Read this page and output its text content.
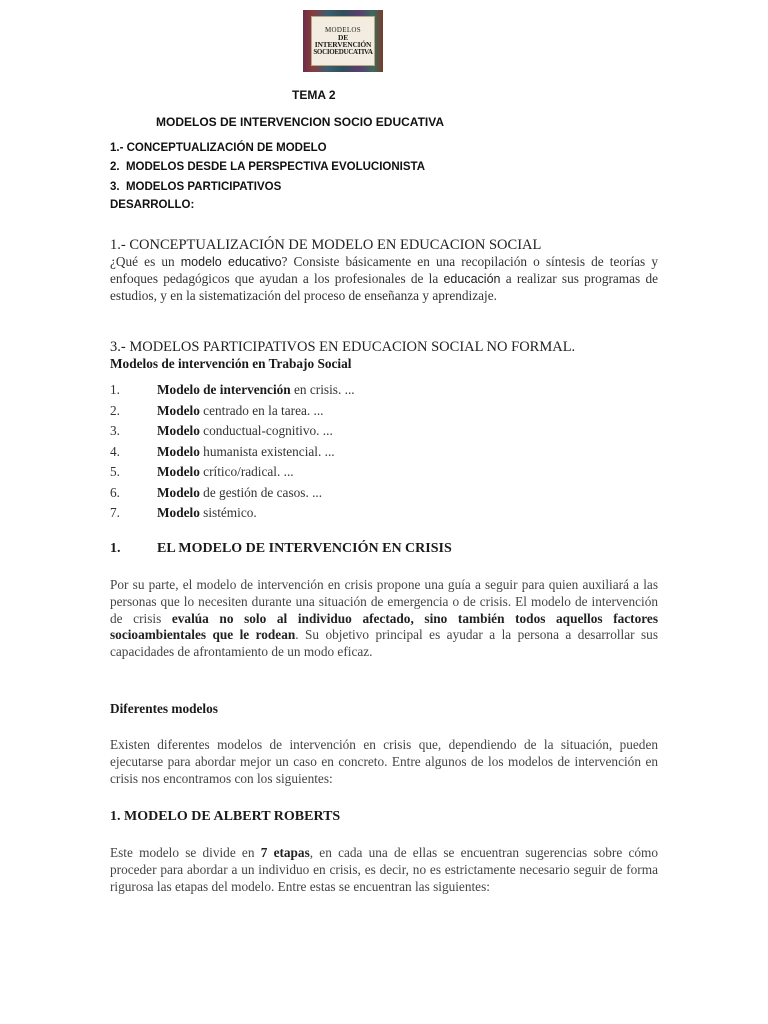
MODELOS
DE INTERVENCIÓN
SOCIOEDUCATIVA

TEMA 2

MODELOS DE INTERVENCION SOCIO EDUCATIVA

1.- CONCEPTUALIZACIÓN DE MODELO

2.  MODELOS DESDE LA PERSPECTIVA EVOLUCIONISTA

3.  MODELOS PARTICIPATIVOS

DESARROLLO:

1.- CONCEPTUALIZACIÓN DE MODELO EN EDUCACION SOCIAL

¿Qué es un modelo educativo? Consiste básicamente en una recopilación o síntesis de teorías y enfoques pedagógicos que ayudan a los profesionales de la educación a realizar sus programas de estudios, y en la sistematización del proceso de enseñanza y aprendizaje.

3.- MODELOS PARTICIPATIVOS EN EDUCACION SOCIAL NO FORMAL.

Modelos de intervención en Trabajo Social

1.	Modelo de intervención en crisis. ...
2.	Modelo centrado en la tarea. ...
3.	Modelo conductual-cognitivo. ...
4.	Modelo humanista existencial. ...
5.	Modelo crítico/radical. ...
6.	Modelo de gestión de casos. ...
7.	Modelo sistémico.

1.	EL MODELO DE INTERVENCIÓN EN CRISIS

Por su parte, el modelo de intervención en crisis propone una guía a seguir para quien auxiliará a las personas que lo necesiten durante una situación de emergencia o de crisis. El modelo de intervención de crisis evalúa no solo al individuo afectado, sino también todos aquellos factores socioambientales que le rodean. Su objetivo principal es ayudar a la persona a desarrollar sus capacidades de afrontamiento de un modo eficaz.

Diferentes modelos

Existen diferentes modelos de intervención en crisis que, dependiendo de la situación, pueden ejecutarse para abordar mejor un caso en concreto. Entre algunos de los modelos de intervención en crisis nos encontramos con los siguientes:

1. MODELO DE ALBERT ROBERTS

Este modelo se divide en 7 etapas, en cada una de ellas se encuentran sugerencias sobre cómo proceder para abordar a un individuo en crisis, es decir, no es estrictamente necesario seguir de forma rigurosa las etapas del modelo. Entre estas se encuentran las siguientes:
